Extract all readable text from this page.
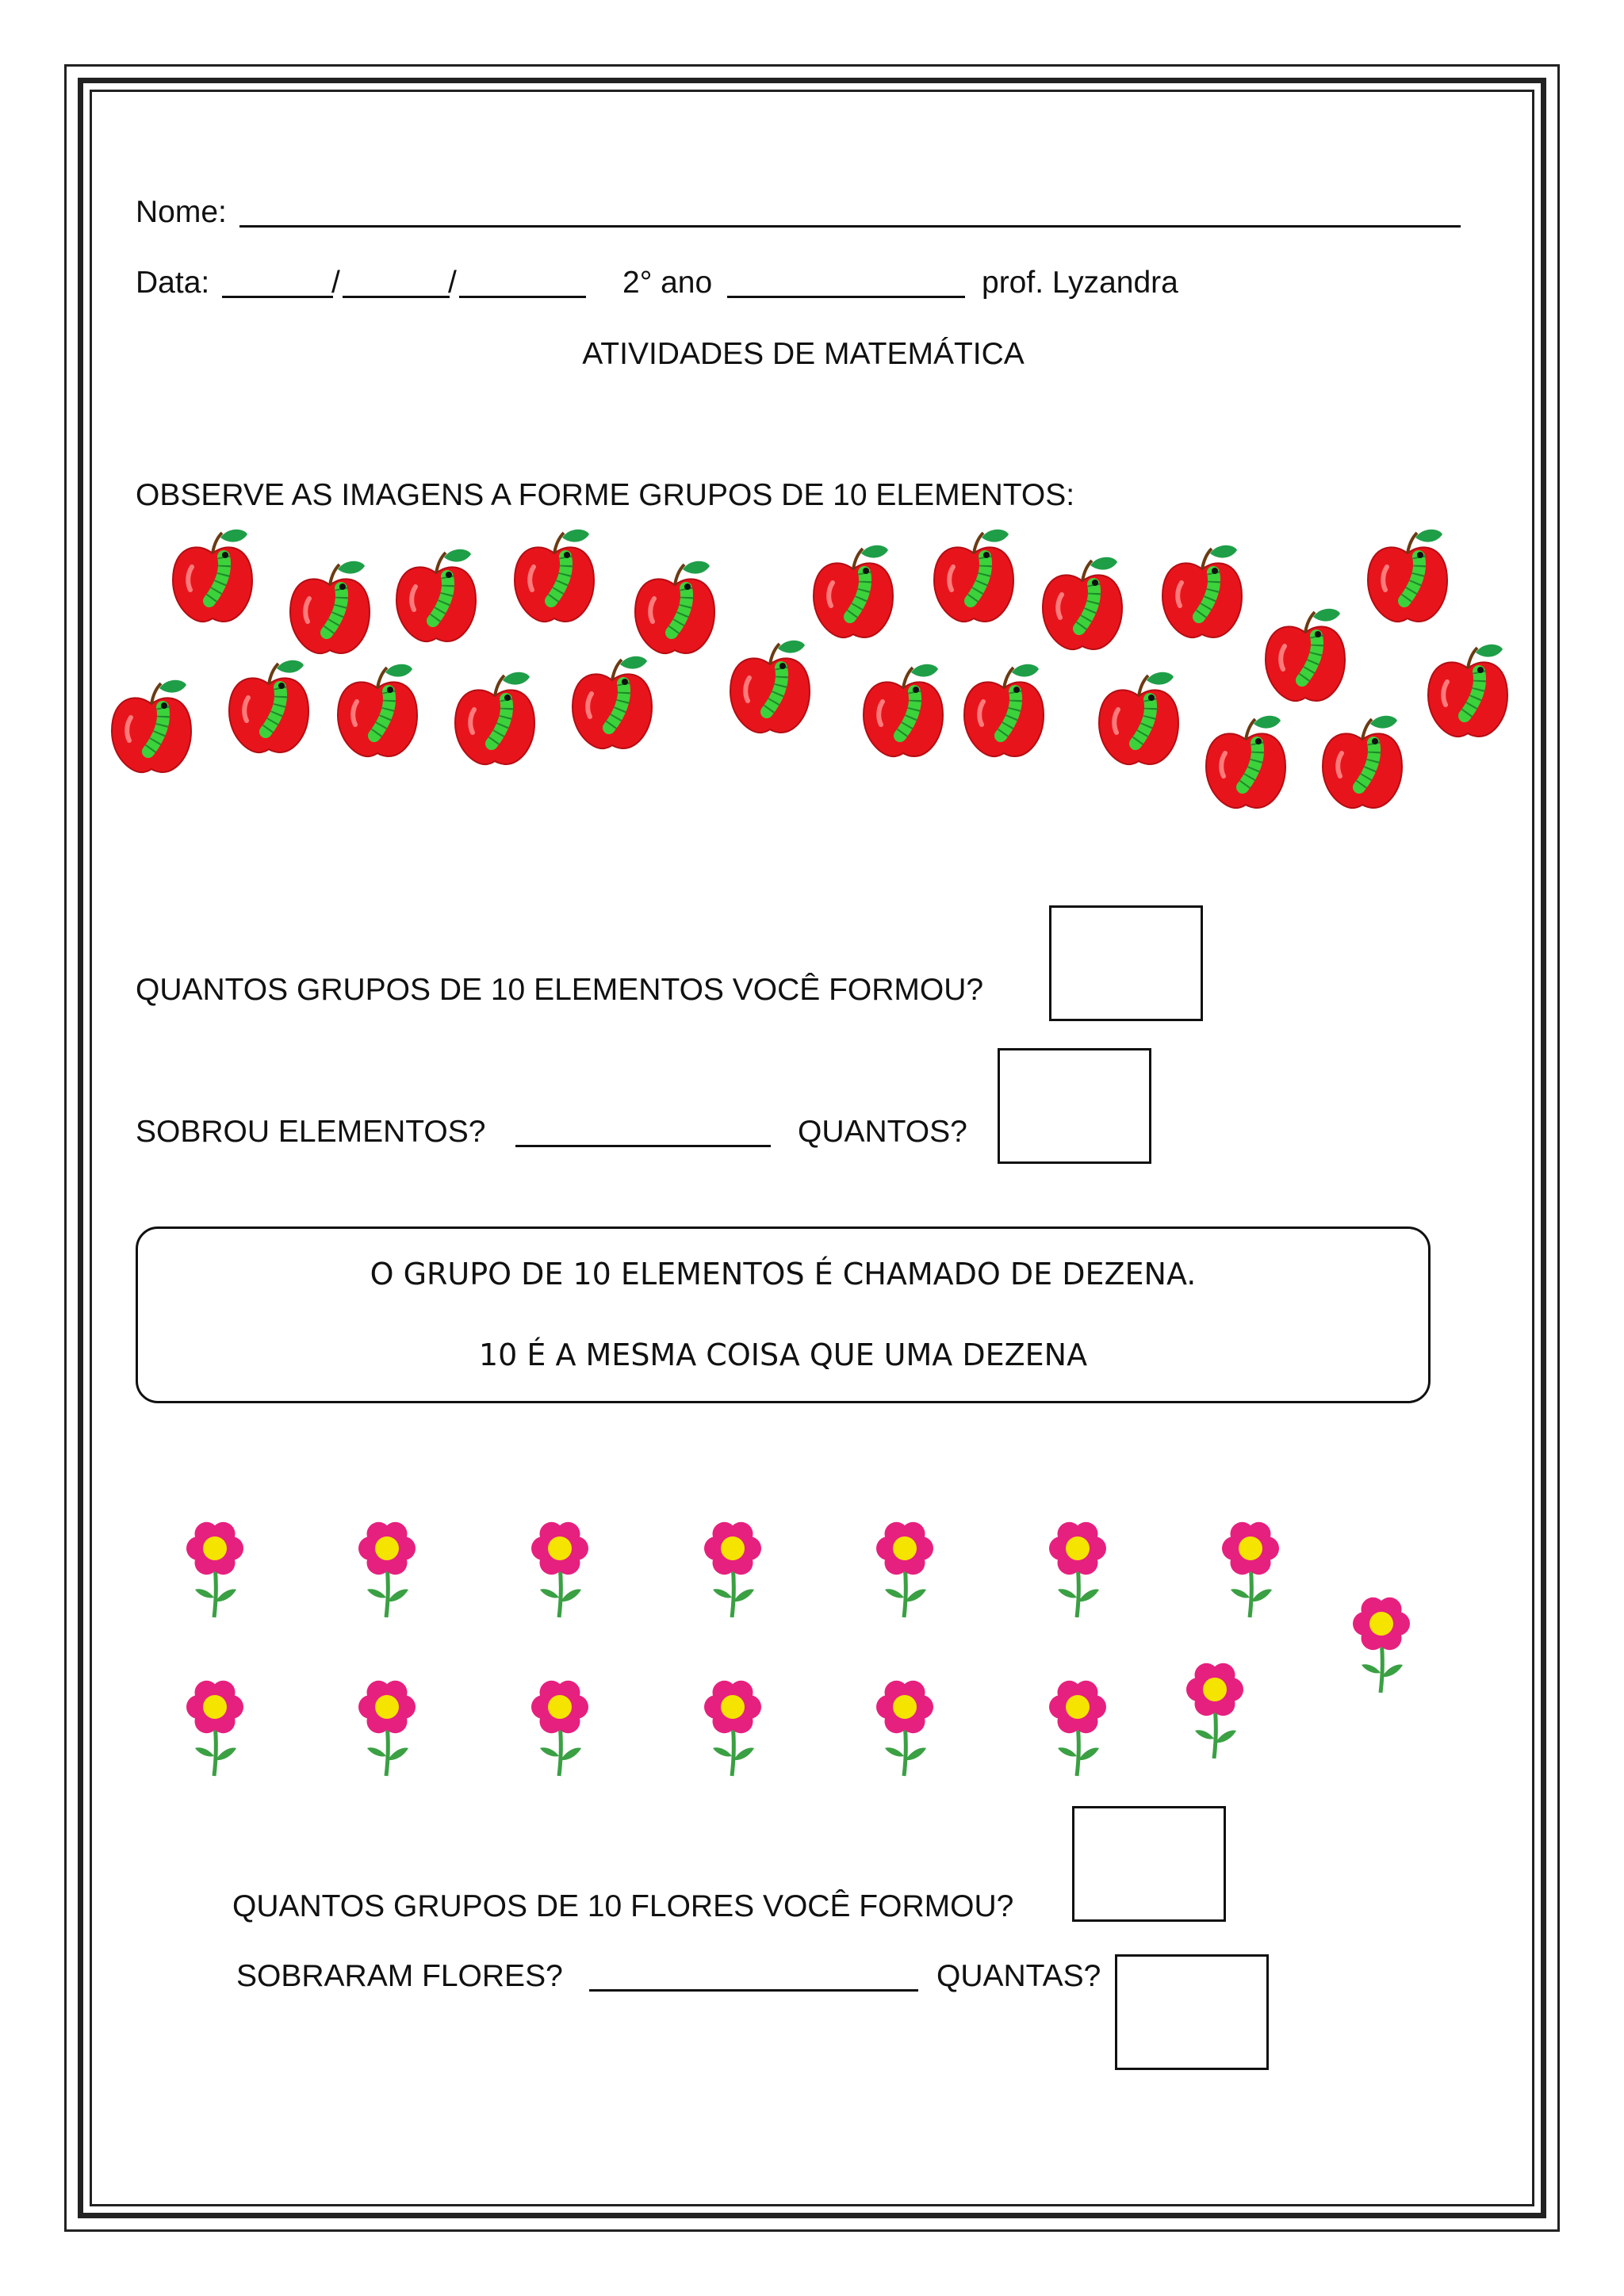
Nome:
Data:	/	/	2° ano	prof. Lyzandra
ATIVIDADES DE MATEMÁTICA
OBSERVE AS IMAGENS A FORME GRUPOS DE 10 ELEMENTOS:
QUANTOS GRUPOS DE 10 ELEMENTOS VOCÊ FORMOU?
SOBROU ELEMENTOS?	QUANTOS?
O GRUPO DE 10 ELEMENTOS É CHAMADO DE DEZENA.
10 É A MESMA COISA QUE UMA DEZENA
QUANTOS GRUPOS DE 10 FLORES VOCÊ FORMOU?
SOBRARAM FLORES?	QUANTAS?
